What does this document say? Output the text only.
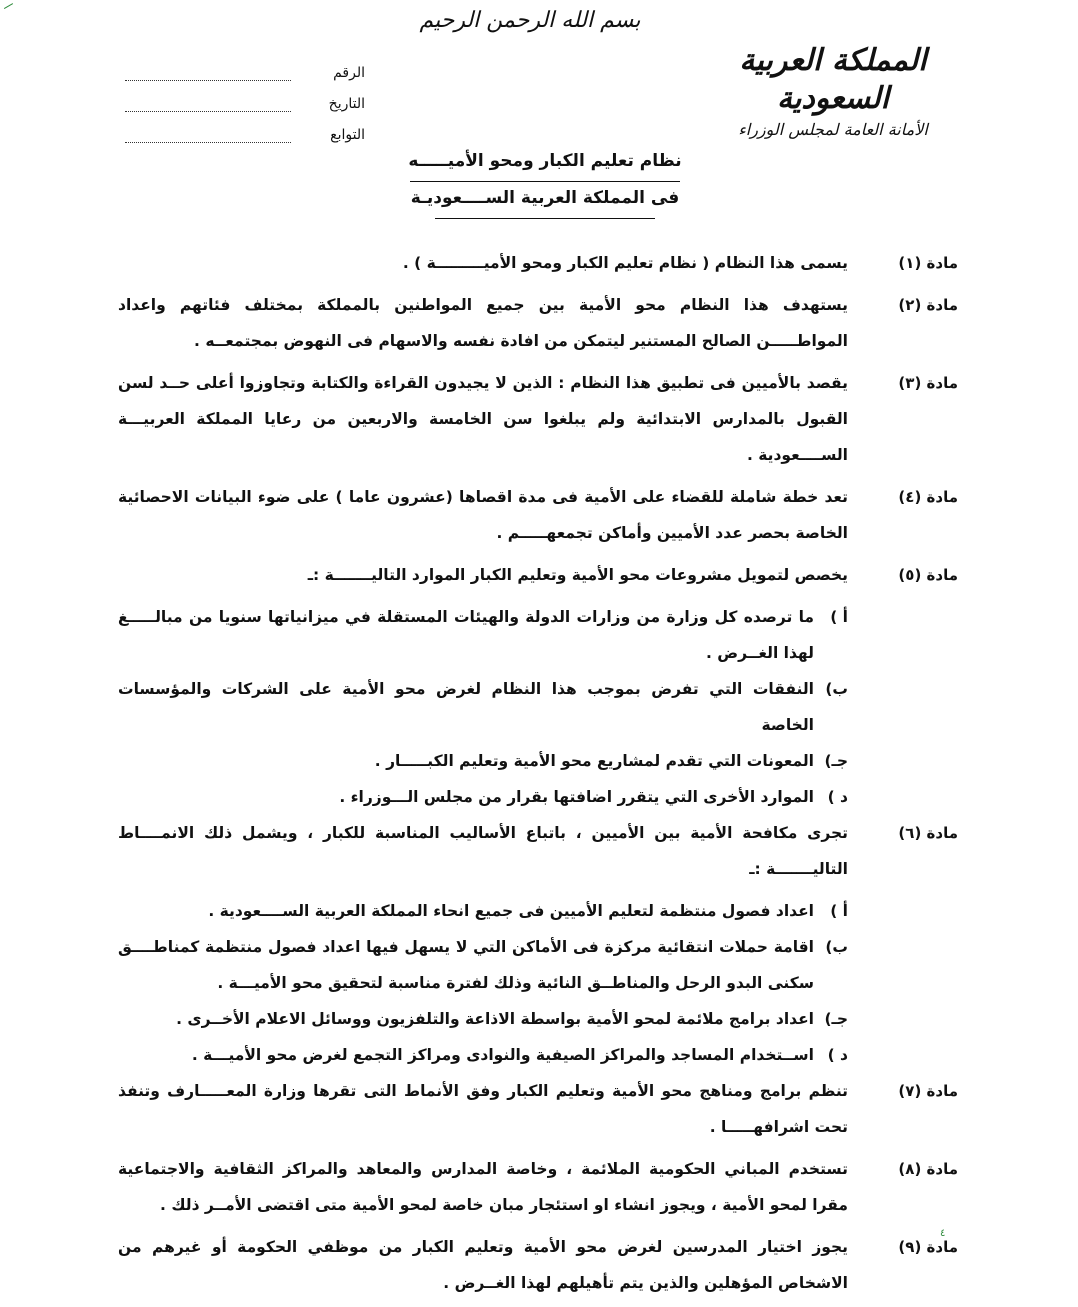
بسم الله الرحمن الرحيم
المملكة العربية السعودية
الأمانة العامة لمجلس الوزراء
الرقم
التاريخ
التوابع
نظام تعليم الكبار ومحو الأميـــــه
فى المملكة العربية الســــعوديـة
مادة (١)
يسمى هذا النظام ( نظام تعليم الكبار ومحو الأميـــــــــة ) .
مادة (٢)
يستهدف هذا النظام محو الأمية بين جميع المواطنين بالمملكة بمختلف فئاتهم واعداد المواطـــــن الصالح المستنير ليتمكن من افادة نفسه والاسهام فى النهوض بمجتمعــه .
مادة (٣)
يقصد بالأميين فى تطبيق هذا النظام : الذين لا يجيدون القراءة والكتابة وتجاوزوا أعلى حــد لسن القبول بالمدارس الابتدائية ولم يبلغوا سن الخامسة والاربعين من رعايا المملكة العربيـــة الســــعودية .
مادة (٤)
تعد خطة شاملة للقضاء على الأمية فى مدة اقصاها (عشرون عاما ) على ضوء البيانات الاحصائية الخاصة بحصر عدد الأميين وأماكن تجمعهـــــم .
مادة (٥)
يخصص لتمويل مشروعات محو الأمية وتعليم الكبار الموارد التاليـــــــة :ـ
أ )
ما ترصده كل وزارة من وزارات الدولة والهيئات المستقلة في ميزانياتها سنويا من مبالـــــغ لهذا الغــرض .
ب)
النفقات التي تفرض بموجب هذا النظام لغرض محو الأمية على الشركات والمؤسسات الخاصة
جـ)
المعونات التي تقدم لمشاريع محو الأمية وتعليم الكبـــــار .
د )
الموارد الأخرى التي يتقرر اضافتها بقرار من مجلس الـــوزراء .
مادة (٦)
تجرى مكافحة الأمية بين الأميين ، باتباع الأساليب المناسبة للكبار ، ويشمل ذلك الانمــــاط التاليـــــــة :ـ
أ )
اعداد فصول منتظمة لتعليم الأميين فى جميع انحاء المملكة العربية الســــعودية .
ب)
اقامة حملات انتقائية مركزة فى الأماكن التي لا يسهل فيها اعداد فصول منتظمة كمناطــــق سكنى البدو الرحل والمناطــق النائية وذلك لفترة مناسبة لتحقيق محو الأميـــة .
جـ)
اعداد برامج ملائمة لمحو الأمية بواسطة الاذاعة والتلفزيون ووسائل الاعلام الأخــرى .
د )
اســتخدام المساجد والمراكز الصيفية والنوادى ومراكز التجمع لغرض محو الأميـــة .
مادة (٧)
تنظم برامج ومناهج محو الأمية وتعليم الكبار وفق الأنماط التى تقرها وزارة المعـــــارف وتنفذ تحت اشرافهـــــا .
مادة (٨)
تستخدم المباني الحكومية الملائمة ، وخاصة المدارس والمعاهد والمراكز الثقافية والاجتماعية مقرا لمحو الأمية ، ويجوز انشاء او استئجار مبان خاصة لمحو الأمية متى اقتضى الأمــر ذلك .
مادة (٩)
يجوز اختيار المدرسين لغرض محو الأمية وتعليم الكبار من موظفي الحكومة أو غيرهم من الاشخاص المؤهلين والذين يتم تأهيلهم لهذا الغــرض .
٤
